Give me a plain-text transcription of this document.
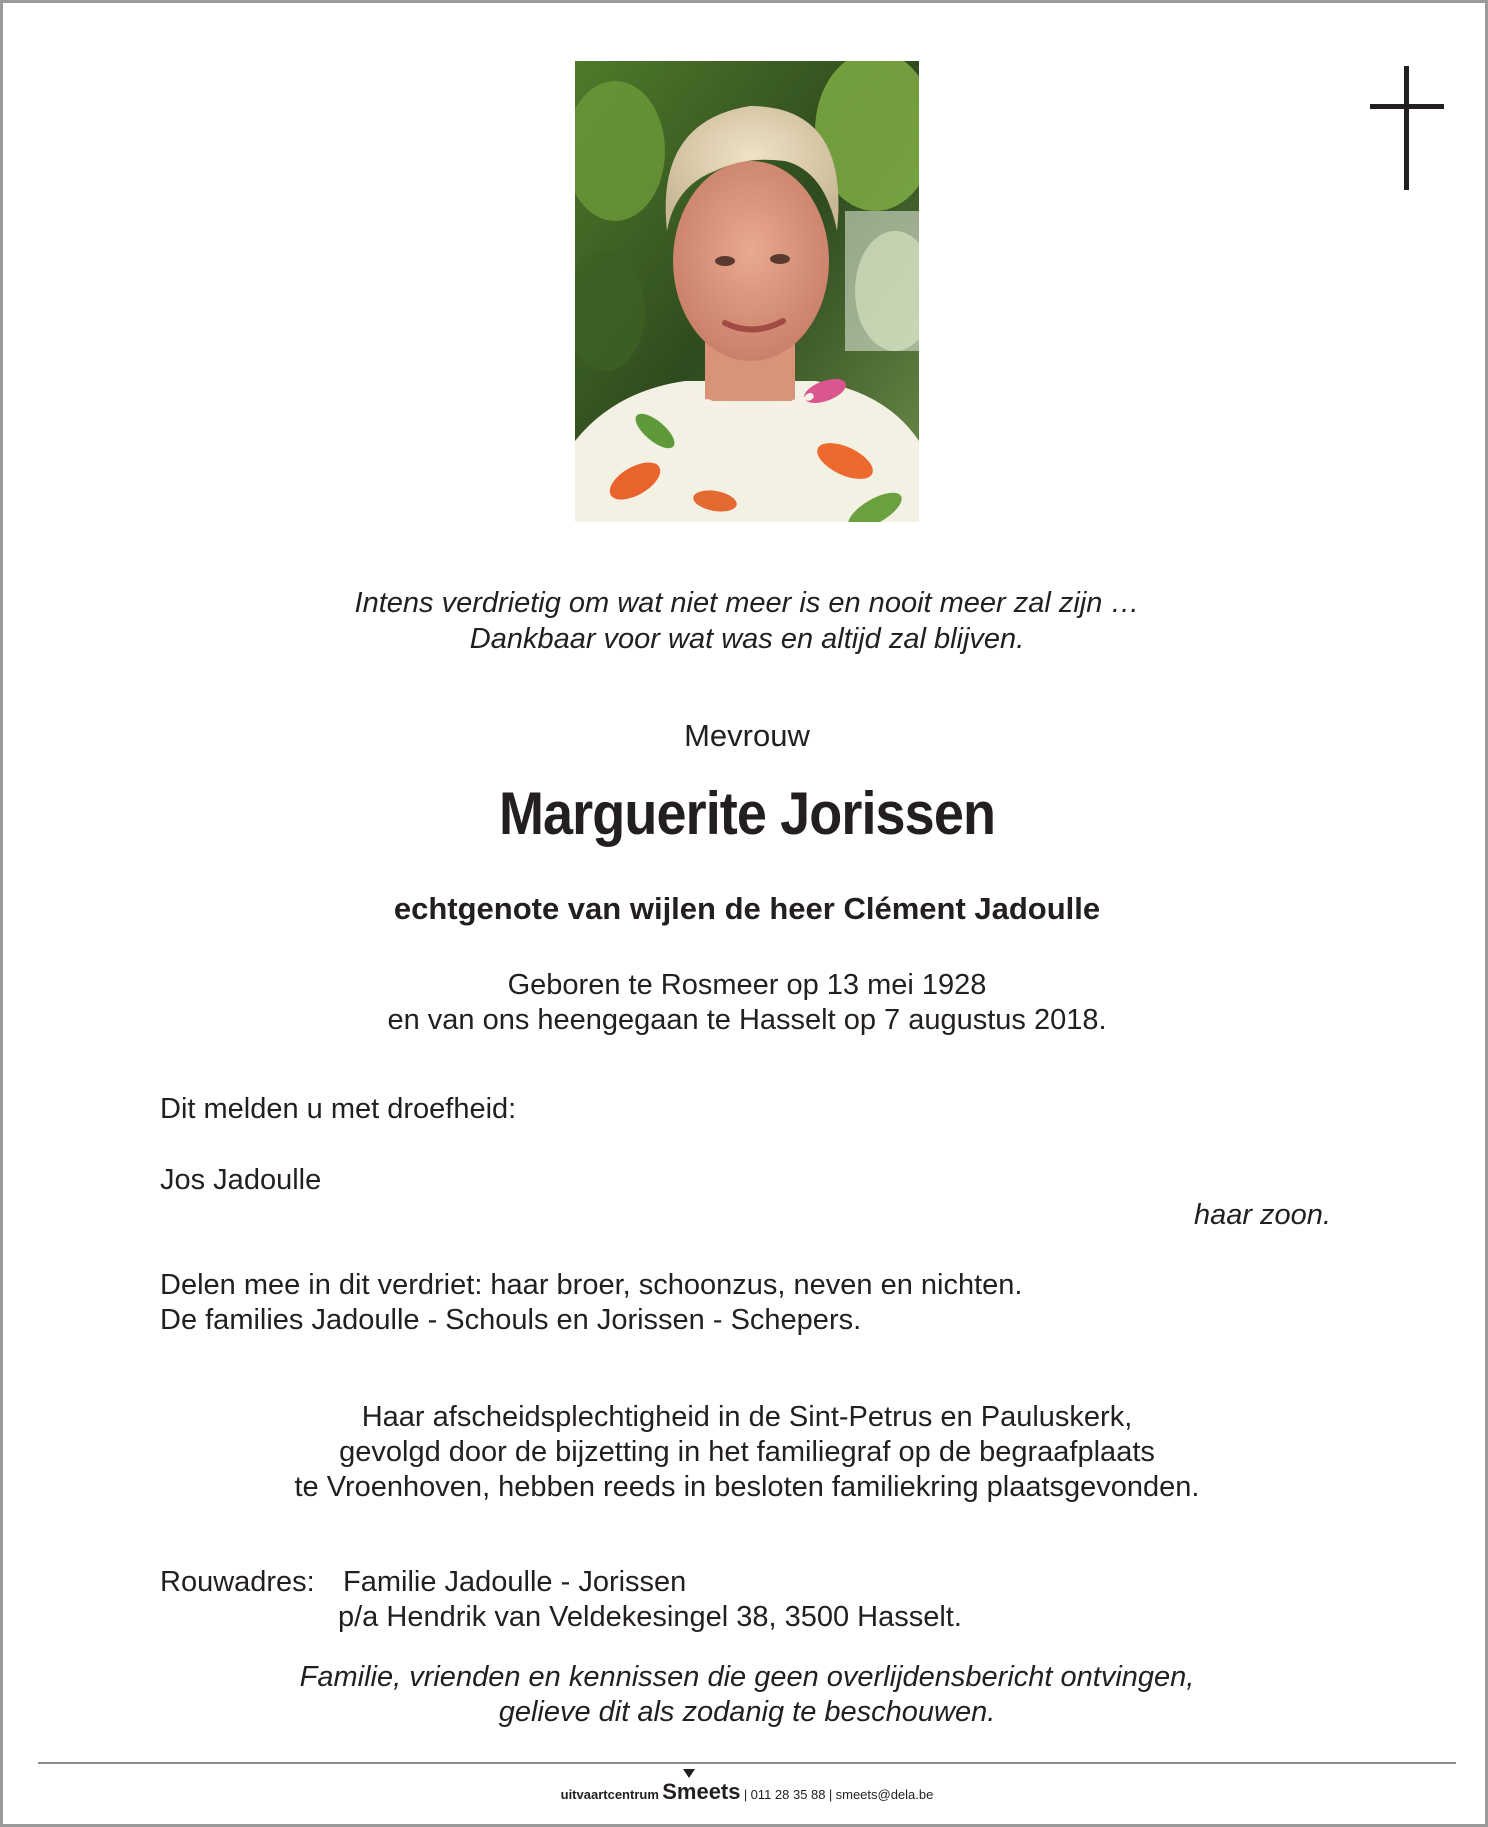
Intens verdrietig om wat niet meer is en nooit meer zal zijn …
Dankbaar voor wat was en altijd zal blijven.
Mevrouw
Marguerite Jorissen
echtgenote van wijlen de heer Clément Jadoulle
Geboren te Rosmeer op 13 mei 1928
en van ons heengegaan te Hasselt op 7 augustus 2018.
Dit melden u met droefheid:
Jos Jadoulle
haar zoon.
Delen mee in dit verdriet: haar broer, schoonzus, neven en nichten.
De families Jadoulle - Schouls en Jorissen - Schepers.
Haar afscheidsplechtigheid in de Sint-Petrus en Pauluskerk,
gevolgd door de bijzetting in het familiegraf op de begraafplaats
te Vroenhoven, hebben reeds in besloten familiekring plaatsgevonden.
Rouwadres: Familie Jadoulle - Jorissen
p/a Hendrik van Veldekesingel 38, 3500 Hasselt.
Familie, vrienden en kennissen die geen overlijdensbericht ontvingen,
gelieve dit als zodanig te beschouwen.
uitvaartcentrum Smeets | 011 28 35 88 | smeets@dela.be
